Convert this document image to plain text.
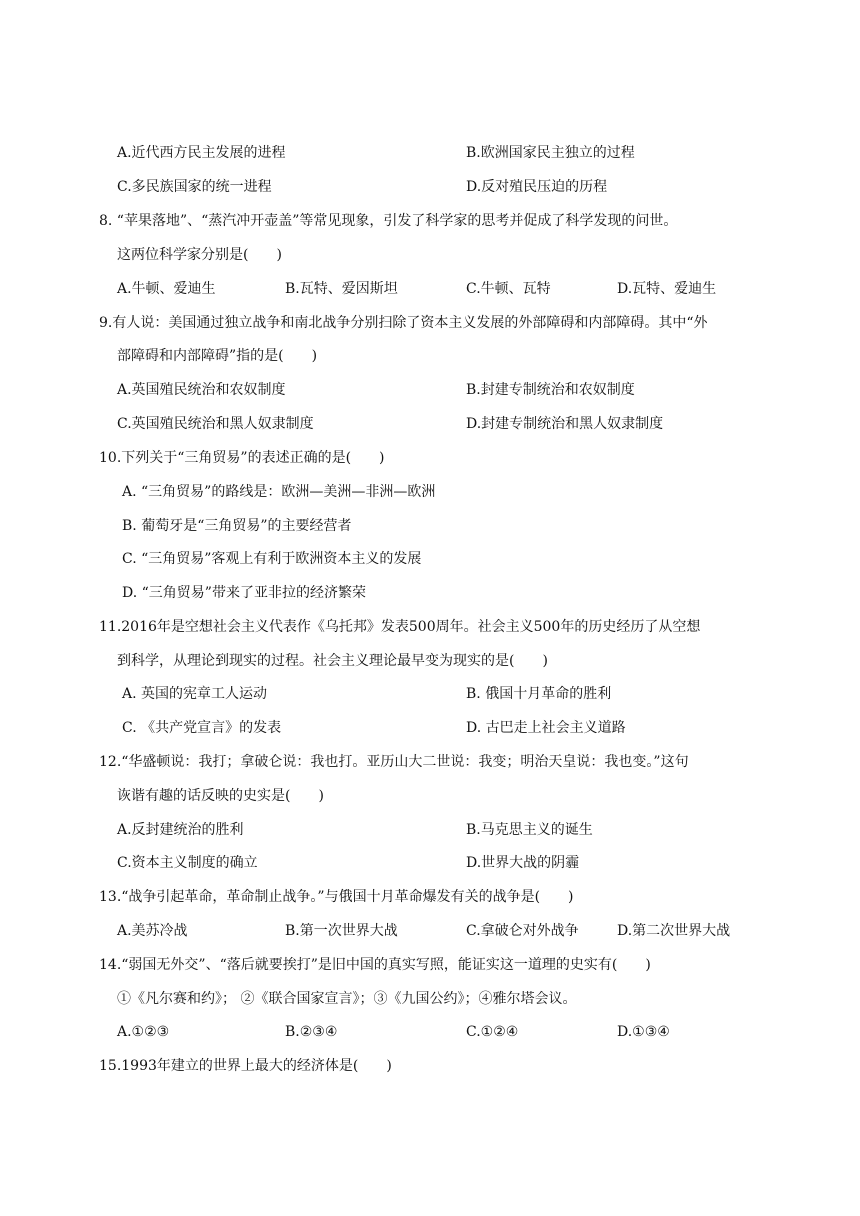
A.近代西方民主发展的进程	B.欧洲国家民主独立的过程
C.多民族国家的统一进程	D.反对殖民压迫的历程
8. “苹果落地”、“蒸汽冲开壶盖”等常见现象，引发了科学家的思考并促成了科学发现的问世。
这两位科学家分别是(　　)
A.牛顿、爱迪生	B.瓦特、爱因斯坦	C.牛顿、瓦特	D.瓦特、爱迪生
9.有人说：美国通过独立战争和南北战争分别扫除了资本主义发展的外部障碍和内部障碍。其中“外
部障碍和内部障碍”指的是(　　)
A.英国殖民统治和农奴制度	B.封建专制统治和农奴制度
C.英国殖民统治和黑人奴隶制度	D.封建专制统治和黑人奴隶制度
10.下列关于“三角贸易”的表述正确的是(　　)
A. “三角贸易”的路线是：欧洲—美洲—非洲—欧洲
B. 葡萄牙是“三角贸易”的主要经营者
C. “三角贸易”客观上有利于欧洲资本主义的发展
D. “三角贸易”带来了亚非拉的经济繁荣
11.2016年是空想社会主义代表作《乌托邦》发表500周年。社会主义500年的历史经历了从空想
到科学，从理论到现实的过程。社会主义理论最早变为现实的是(　　)
A. 英国的宪章工人运动	B. 俄国十月革命的胜利
C. 《共产党宣言》的发表	D. 古巴走上社会主义道路
12.“华盛顿说：我打；拿破仑说：我也打。亚历山大二世说：我变；明治天皇说：我也变。”这句
诙谐有趣的话反映的史实是(　　)
A.反封建统治的胜利	B.马克思主义的诞生
C.资本主义制度的确立	D.世界大战的阴霾
13.“战争引起革命，革命制止战争。”与俄国十月革命爆发有关的战争是(　　)
A.美苏冷战	B.第一次世界大战	C.拿破仑对外战争	D.第二次世界大战
14.“弱国无外交”、“落后就要挨打”是旧中国的真实写照，能证实这一道理的史实有(　　)
①《凡尔赛和约》； ②《联合国家宣言》；③《九国公约》；④雅尔塔会议。
A.①②③	B.②③④	C.①②④	D.①③④
15.1993年建立的世界上最大的经济体是(　　)
